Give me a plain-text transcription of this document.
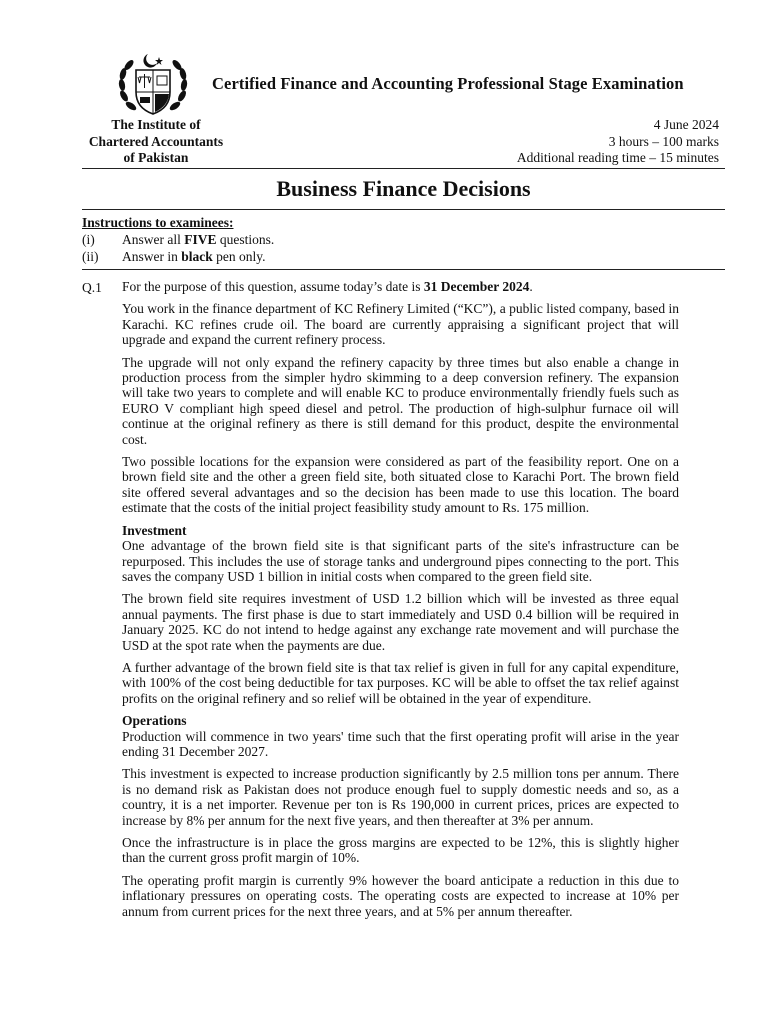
Certified Finance and Accounting Professional Stage Examination
The Institute of
Chartered Accountants
of Pakistan
4 June 2024
3 hours – 100 marks
Additional reading time – 15 minutes
Business Finance Decisions
Instructions to examinees:
(i) Answer all FIVE questions.
(ii) Answer in black pen only.
Q.1 For the purpose of this question, assume today’s date is 31 December 2024.

You work in the finance department of KC Refinery Limited (“KC”), a public listed company, based in Karachi. KC refines crude oil. The board are currently appraising a significant project that will upgrade and expand the current refinery process.

The upgrade will not only expand the refinery capacity by three times but also enable a change in production process from the simpler hydro skimming to a deep conversion refinery. The expansion will take two years to complete and will enable KC to produce environmentally friendly fuels such as EURO V compliant high speed diesel and petrol. The production of high-sulphur furnace oil will continue at the original refinery as there is still demand for this product, despite the environmental cost.

Two possible locations for the expansion were considered as part of the feasibility report. One on a brown field site and the other a green field site, both situated close to Karachi Port. The brown field site offered several advantages and so the decision has been made to use this location. The board estimate that the costs of the initial project feasibility study amount to Rs. 175 million.

Investment

One advantage of the brown field site is that significant parts of the site's infrastructure can be repurposed. This includes the use of storage tanks and underground pipes connecting to the port. This saves the company USD 1 billion in initial costs when compared to the green field site.

The brown field site requires investment of USD 1.2 billion which will be invested as three equal annual payments. The first phase is due to start immediately and USD 0.4 billion will be required in January 2025. KC do not intend to hedge against any exchange rate movement and will purchase the USD at the spot rate when the payments are due.

A further advantage of the brown field site is that tax relief is given in full for any capital expenditure, with 100% of the cost being deductible for tax purposes. KC will be able to offset the tax relief against profits on the original refinery and so relief will be obtained in the year of expenditure.

Operations

Production will commence in two years' time such that the first operating profit will arise in the year ending 31 December 2027.

This investment is expected to increase production significantly by 2.5 million tons per annum. There is no demand risk as Pakistan does not produce enough fuel to supply domestic needs and so, as a country, it is a net importer. Revenue per ton is Rs 190,000 in current prices, prices are expected to increase by 8% per annum for the next five years, and then thereafter at 3% per annum.

Once the infrastructure is in place the gross margins are expected to be 12%, this is slightly higher than the current gross profit margin of 10%.

The operating profit margin is currently 9% however the board anticipate a reduction in this due to inflationary pressures on operating costs. The operating costs are expected to increase at 10% per annum from current prices for the next three years, and at 5% per annum thereafter.
